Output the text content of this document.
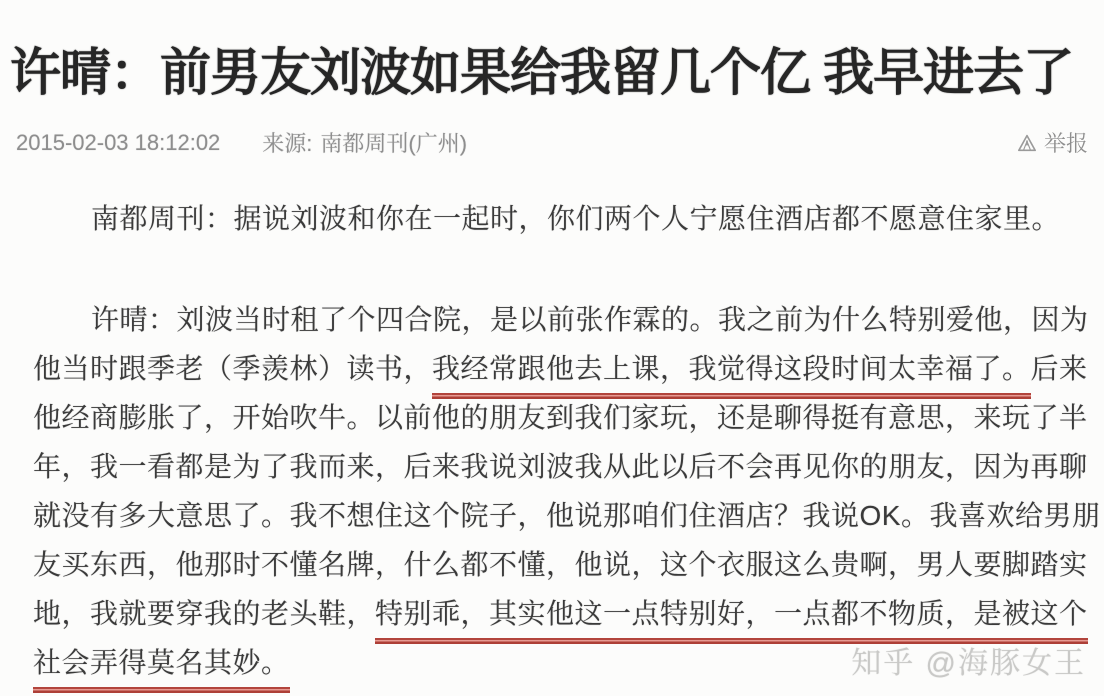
许晴：前男友刘波如果给我留几个亿 我早进去了
2015-02-03 18:12:02 来源: 南都周刊(广州)	举报
南都周刊：据说刘波和你在一起时，你们两个人宁愿住酒店都不愿意住家里。
许晴：刘波当时租了个四合院，是以前张作霖的。我之前为什么特别爱他，因为
他当时跟季老（季羡林）读书，我经常跟他去上课，我觉得这段时间太幸福了。后来
他经商膨胀了，开始吹牛。以前他的朋友到我们家玩，还是聊得挺有意思，来玩了半
年，我一看都是为了我而来，后来我说刘波我从此以后不会再见你的朋友，因为再聊
就没有多大意思了。我不想住这个院子，他说那咱们住酒店？我说OK。我喜欢给男朋
友买东西，他那时不懂名牌，什么都不懂，他说，这个衣服这么贵啊，男人要脚踏实
地，我就要穿我的老头鞋，特别乖，其实他这一点特别好，一点都不物质，是被这个
社会弄得莫名其妙。	知乎 @海豚女王
